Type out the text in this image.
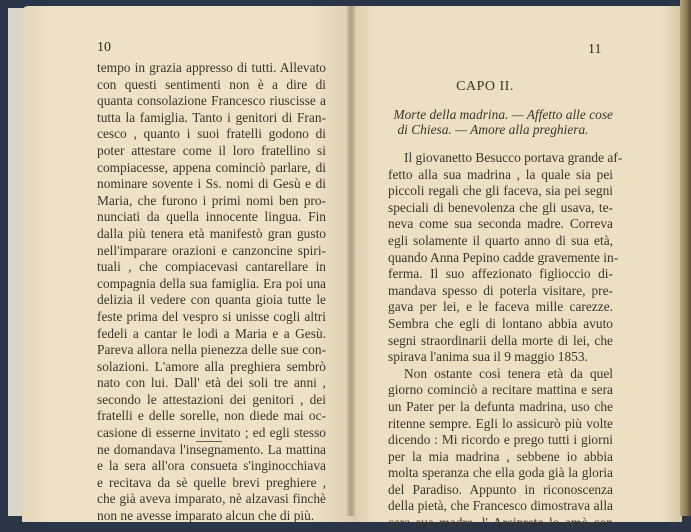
10
tempo in grazia appresso di tutti. Allevato
con questi sentimenti non è a dire di
quanta consolazione Francesco riuscisse a
tutta la famiglia. Tanto i genitori di Fran-
cesco , quanto i suoi fratelli godono di
poter attestare come il loro fratellino si
compiacesse, appena cominciò parlare, di
nominare sovente i Ss. nomi di Gesù e di
Maria, che furono i primi nomi ben pro-
nunciati da quella innocente lingua. Fin
dalla più tenera età manifestò gran gusto
nell'imparare orazioni e canzoncine spiri-
tuali , che compiacevasi cantarellare in
compagnia della sua famiglia. Era poi una
delizia il vedere con quanta gioia tutte le
feste prima del vespro si unisse cogli altri
fedeli a cantar le lodi a Maria e a Gesù.
Pareva allora nella pienezza delle sue con-
solazioni. L'amore alla preghiera sembrò
nato con lui. Dall' età dei soli tre anni ,
secondo le attestazioni dei genitori , dei
fratelli e delle sorelle, non diede mai oc-
casione di esserne invitato ; ed egli stesso
ne domandava l'insegnamento. La mattina
e la sera all'ora consueta s'inginocchiava
e recitava da sè quelle brevi preghiere ,
che già aveva imparato, nè alzavasi finchè
non ne avesse imparato alcun che di più.
11
CAPO II.
Morte della madrina. — Affetto alle cose
di Chiesa. — Amore alla preghiera.
Il giovanetto Besucco portava grande af-
fetto alla sua madrina , la quale sia pei
piccoli regali che gli faceva, sia pei segni
speciali di benevolenza che gli usava, te-
neva come sua seconda madre. Correva
egli solamente il quarto anno di sua età,
quando Anna Pepino cadde gravemente in-
ferma. Il suo affezionato figlioccio di-
mandava spesso di poterla visitare, pre-
gava per lei, e le faceva mille carezze.
Sembra che egli di lontano abbia avuto
segni straordinarii della morte di lei, che
spirava l'anima sua il 9 maggio 1853.
Non ostante così tenera età da quel
giorno cominciò a recitare mattina e sera
un Pater per la defunta madrina, uso che
ritenne sempre. Egli lo assicurò più volte
dicendo : Mi ricordo e prego tutti i giorni
per la mia madrina , sebbene io abbia
molta speranza che ella goda già la gloria
del Paradiso. Appunto in riconoscenza
della pietà, che Francesco dimostrava alla
cara sua madre, l' Arciprete lo amò con
